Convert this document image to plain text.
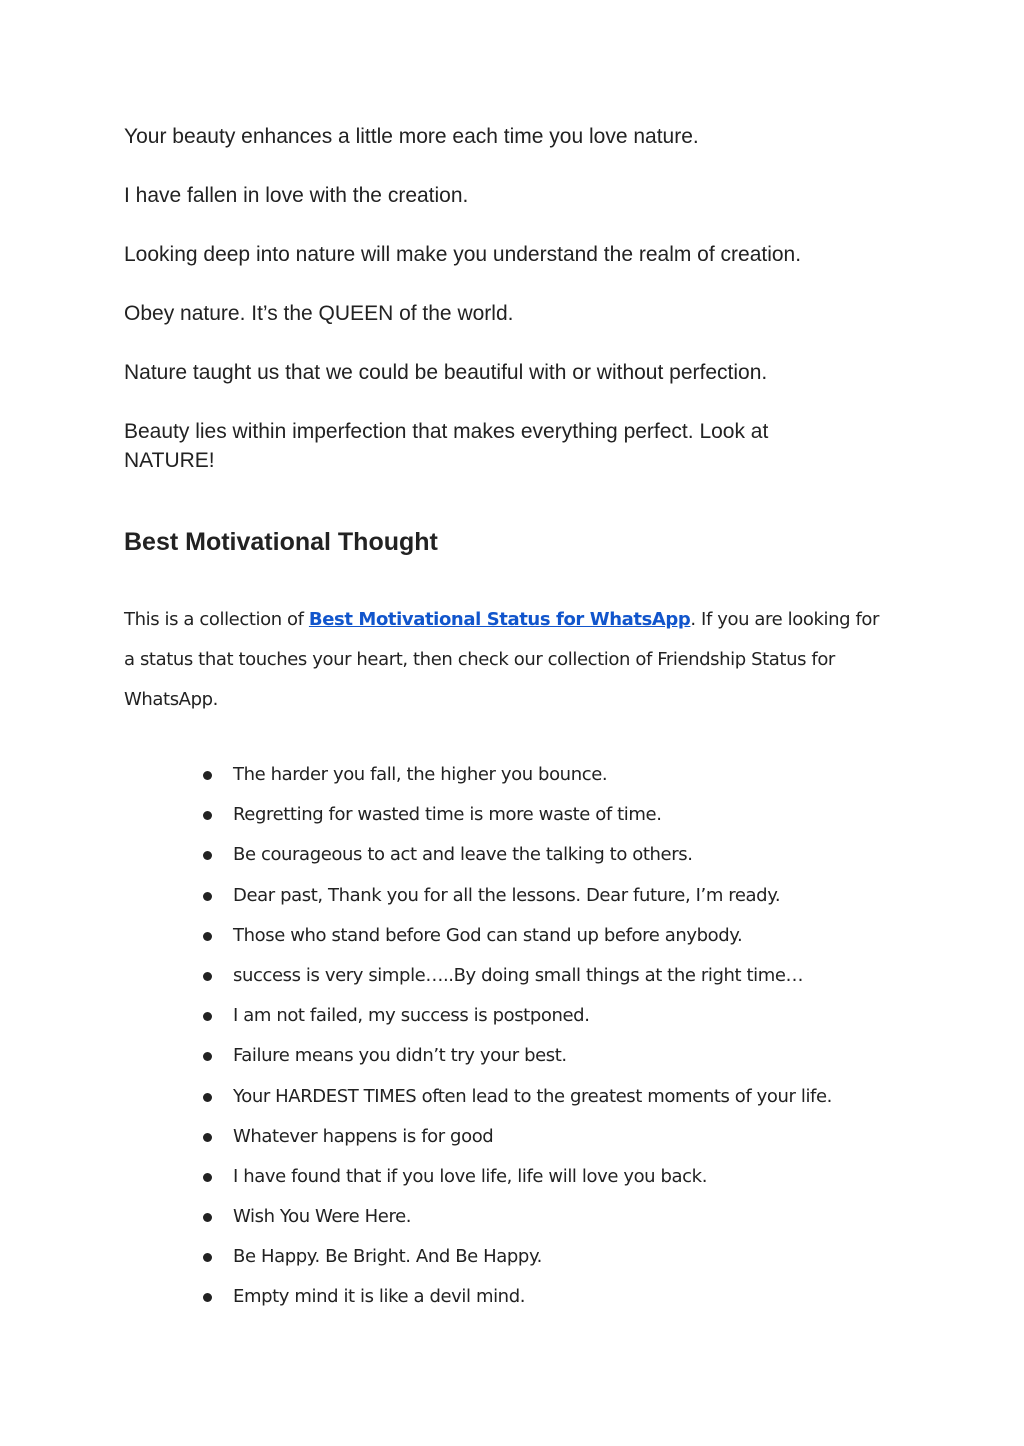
Your beauty enhances a little more each time you love nature.

I have fallen in love with the creation.

Looking deep into nature will make you understand the realm of creation.

Obey nature. It’s the QUEEN of the world.

Nature taught us that we could be beautiful with or without perfection.

Beauty lies within imperfection that makes everything perfect. Look at NATURE!

Best Motivational Thought

This is a collection of Best Motivational Status for WhatsApp. If you are looking for a status that touches your heart, then check our collection of Friendship Status for WhatsApp.

The harder you fall, the higher you bounce.
Regretting for wasted time is more waste of time.
Be courageous to act and leave the talking to others.
Dear past, Thank you for all the lessons. Dear future, I’m ready.
Those who stand before God can stand up before anybody.
success is very simple…..By doing small things at the right time…
I am not failed, my success is postponed.
Failure means you didn’t try your best.
Your HARDEST TIMES often lead to the greatest moments of your life.
Whatever happens is for good
I have found that if you love life, life will love you back.
Wish You Were Here.
Be Happy. Be Bright. And Be Happy.
Empty mind it is like a devil mind.
